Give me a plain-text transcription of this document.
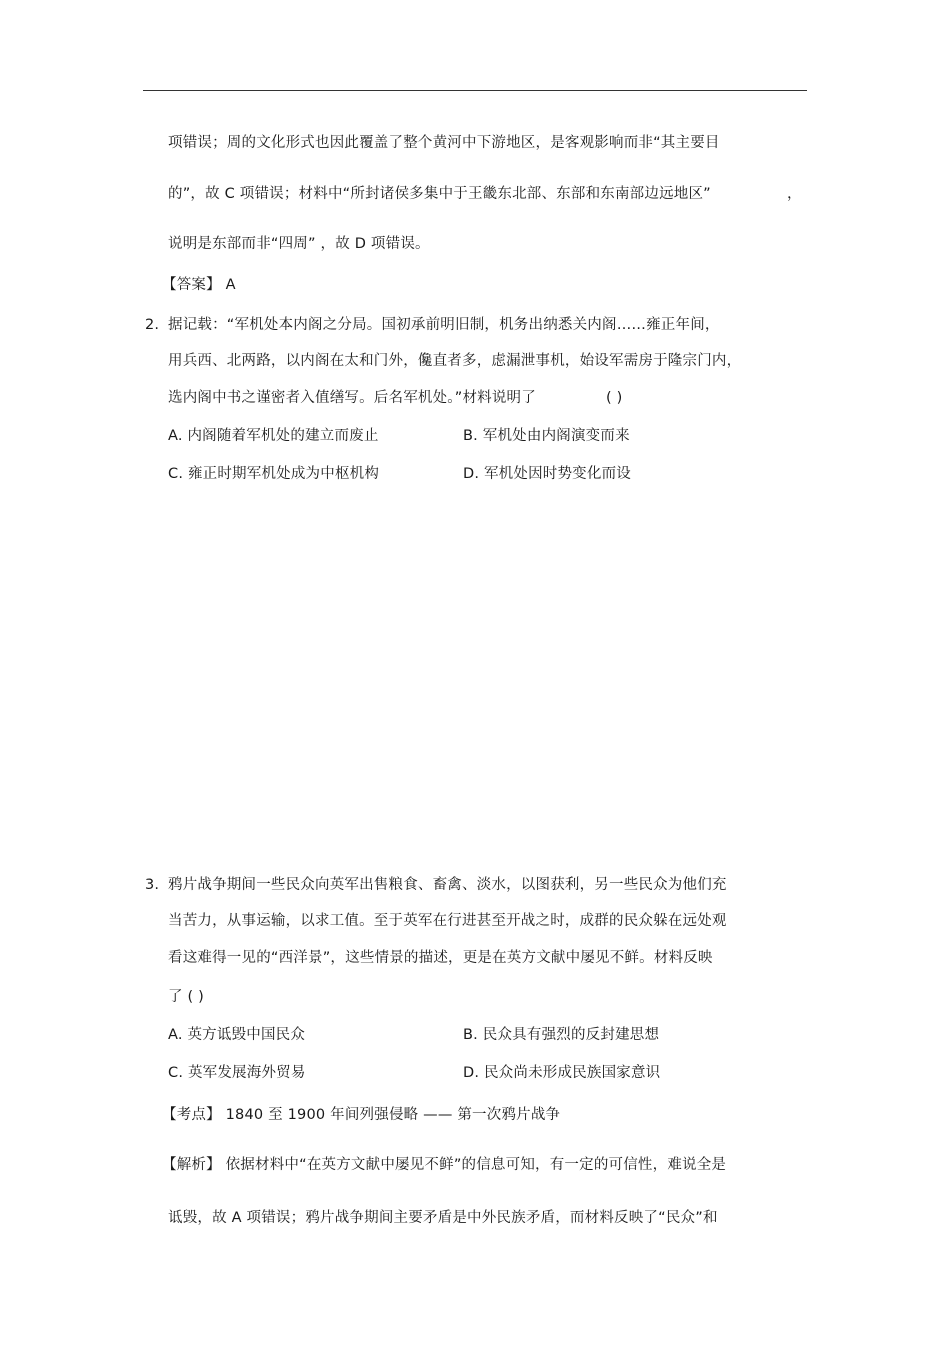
项错误；周的文化形式也因此覆盖了整个黄河中下游地区，是客观影响而非“其主要目
的”，故 C 项错误；材料中“所封诸侯多集中于王畿东北部、东部和东南部边远地区”	，
说明是东部而非“四周” ，故 D 项错误。
【答案】 A
2. 据记载：“军机处本内阁之分局。国初承前明旧制，机务出纳悉关内阁……雍正年间，
用兵西、北两路，以内阁在太和门外，儳直者多，虑漏泄事机，始设军需房于隆宗门内，
选内阁中书之谨密者入值缮写。后名军机处。”材料说明了	( )
A. 内阁随着军机处的建立而废止	B. 军机处由内阁演变而来
C. 雍正时期军机处成为中枢机构	D. 军机处因时势变化而设
3. 鸦片战争期间一些民众向英军出售粮食、畜禽、淡水，以图获利，另一些民众为他们充
当苦力，从事运输，以求工值。至于英军在行进甚至开战之时，成群的民众躲在远处观
看这难得一见的“西洋景”，这些情景的描述，更是在英方文献中屡见不鲜。材料反映
了 ( )
A. 英方诋毁中国民众	B. 民众具有强烈的反封建思想
C. 英军发展海外贸易	D. 民众尚未形成民族国家意识
【考点】 1840 至 1900 年间列强侵略 —— 第一次鸦片战争
【解析】 依据材料中“在英方文献中屡见不鲜”的信息可知，有一定的可信性，难说全是
诋毁，故 A 项错误；鸦片战争期间主要矛盾是中外民族矛盾，而材料反映了“民众”和
